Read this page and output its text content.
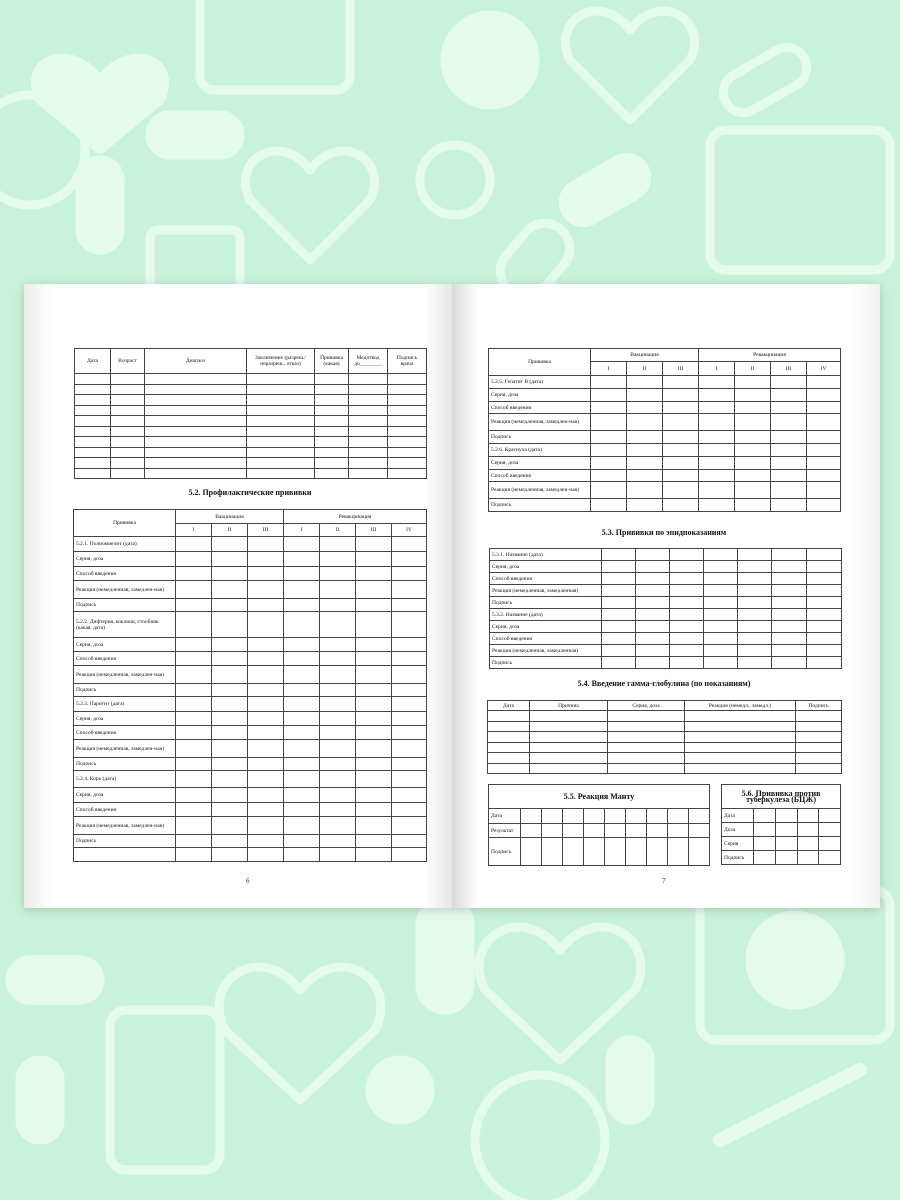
Дата	Возраст	Диагноз	Заключение (разреш./неразреш., отказ)	Прививка (какая)	Медотвод до________	Подпись врача

5.2. Профилактические прививки
Прививка	Вакцинация			Ревакцинация			
	I	II	III	I	II	III	IV
5.2.1. Полиомиелит (дата)							
Серия, доза							
Способ введения							
Реакция (немедленная, замедлен-ная)							
Подпись							
5.2.2. Дифтерия, коклюш, столбняк (какая, дата)							
Серия, доза							
Способ введения							
Реакция (немедленная, замедлен-ная)							
Подпись							
5.2.3. Паротит (дата)							
Серия, доза							
Способ введения							
Реакция (немедленная, замедлен-ная)							
Подпись							
5.2.4. Корь (дата)							
Серия, доза							
Способ введения							
Реакция (немедленная, замедлен-ная)							
Подпись							

6
Прививка	Вакцинация			Ревакцинация			
	I	II	III	I	II	III	IV
5.2.5. Гепатит В (дата)							
Серия, доза							
Способ введения							
Реакция (немедленная, замедлен-ная)							
Подпись							
5.2.6. Краснуха (дата)							
Серия, доза							
Способ введения							
Реакция (немедленная, замедлен-ная)							
Подпись							
5.3. Прививки по эпидпоказаниям
5.3.1. Название (дата)							
Серия, доза							
Способ введения							
Реакция (немедленная, замедленная)							
Подпись							
5.3.2. Название (дата)							
Серия, доза							
Способ введения							
Реакция (немедленная, замедленная)							
Подпись							
5.4. Введение гамма-глобулина (по показаниям)
Дата	Причина	Серия, доза	Реакция (немедл., замедл.)	Подпись

5.5. Реакция Манту									
Дата									
Результат									
Подпись									
5.6. Прививка против туберкулеза (БЦЖ)				
Дата				
Доза				
Серия				
Подпись				
7
